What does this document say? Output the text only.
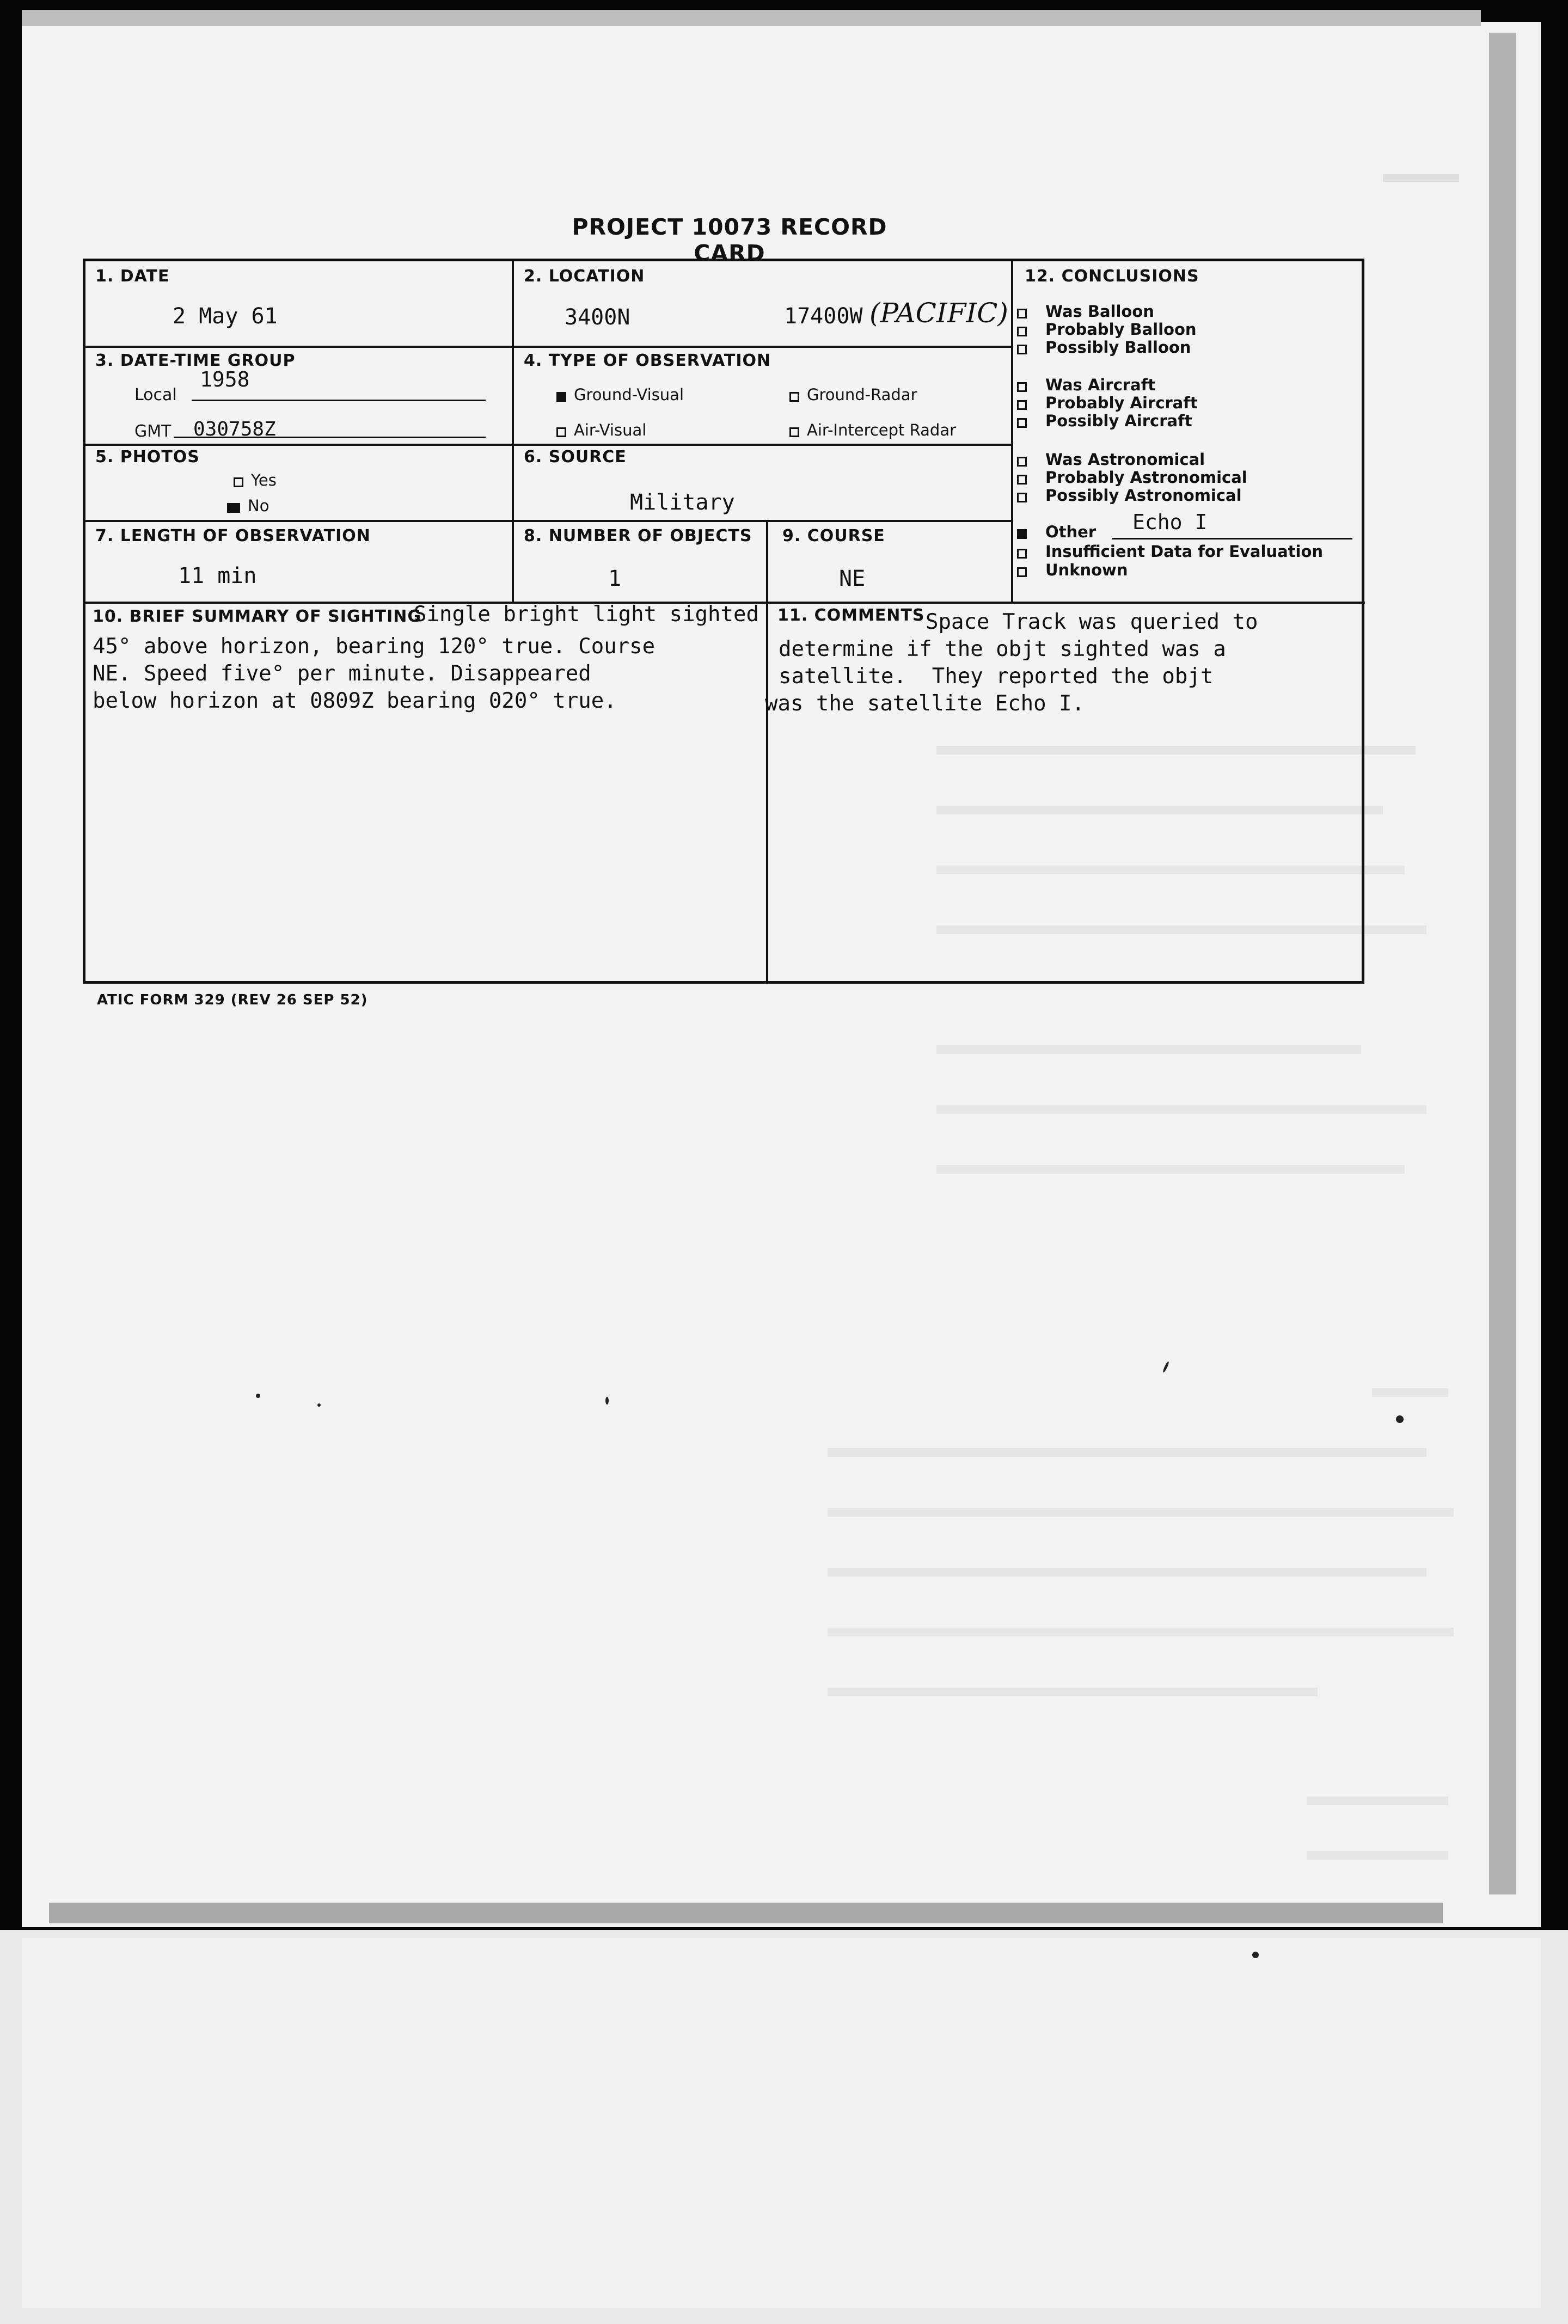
PROJECT 10073 RECORD CARD
1. DATE
2 May 61
2. LOCATION
3400N	17400W (PACIFIC)
3. DATE-TIME GROUP
Local
1958
GMT 030758Z
4. TYPE OF OBSERVATION
Ground-Visual	Ground-Radar
Air-Visual	Air-Intercept Radar
5. PHOTOS
Yes
No
6. SOURCE
Military
7. LENGTH OF OBSERVATION
11 min
8. NUMBER OF OBJECTS
1
9. COURSE
NE
12. CONCLUSIONS
Was Balloon
Probably Balloon
Possibly Balloon
Was Aircraft
Probably Aircraft
Possibly Aircraft
Was Astronomical
Probably Astronomical
Possibly Astronomical
Other Echo I
Insufficient Data for Evaluation
Unknown
10. BRIEF SUMMARY OF SIGHTING
Single bright light sighted
45° above horizon, bearing 120° true. Course
NE. Speed five° per minute. Disappeared
below horizon at 0809Z bearing 020° true.
11. COMMENTS Space Track was queried to
determine if the objt sighted was a
satellite.  They reported the objt
was the satellite Echo I.
ATIC FORM 329 (REV 26 SEP 52)
